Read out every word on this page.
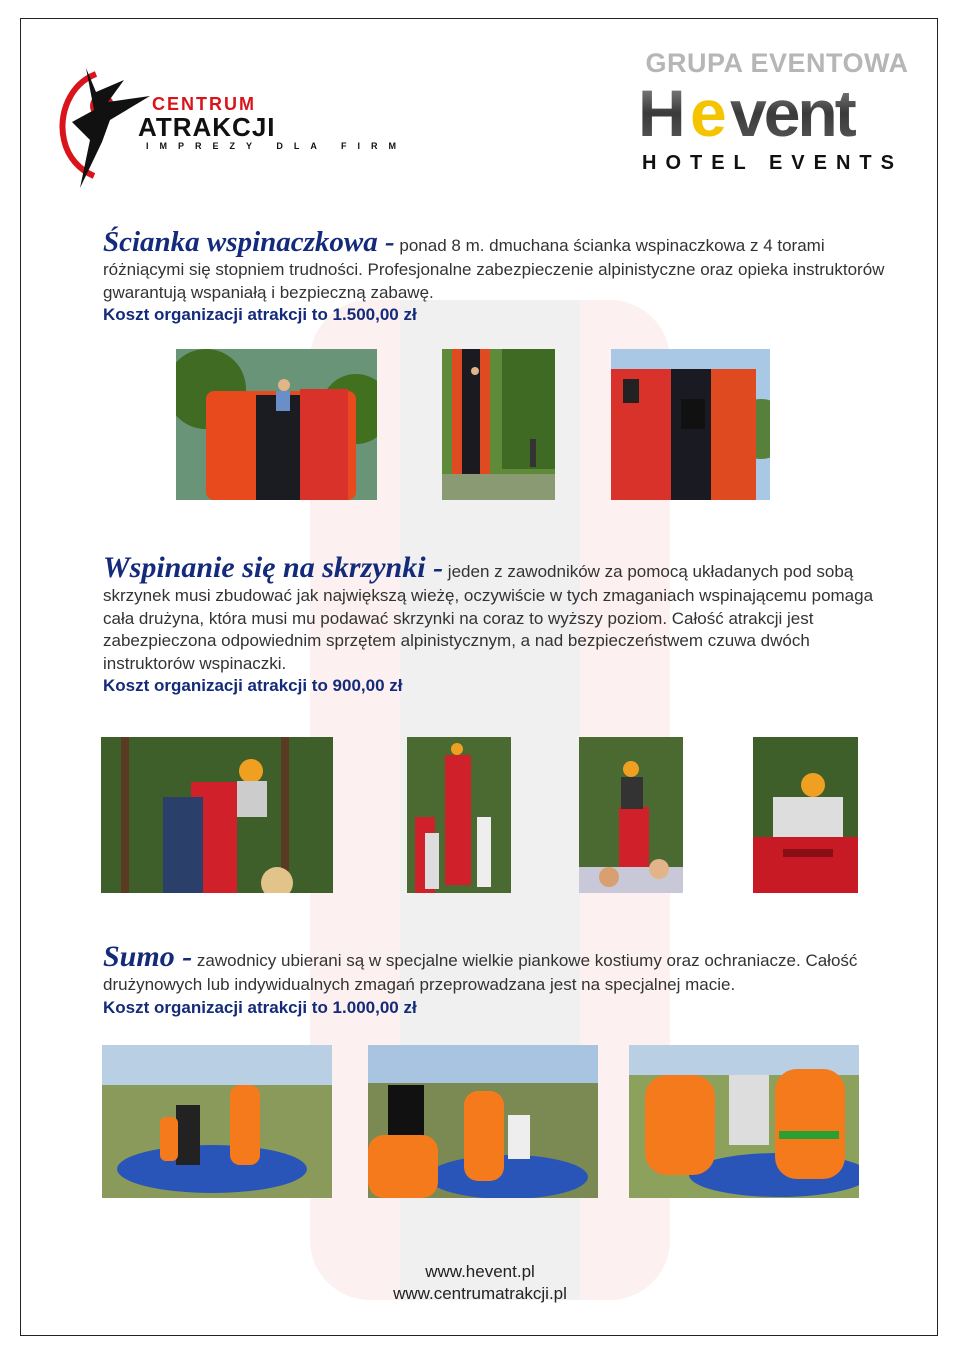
CENTRUM
ATRAKCJI
IMPREZY DLA FIRM
GRUPA EVENTOWA
H e vent
HOTEL EVENTS

Ścianka wspinaczkowa - ponad 8 m. dmuchana ścianka wspinaczkowa z 4 torami różniącymi się stopniem trudności. Profesjonalne zabezpieczenie alpinistyczne oraz opieka instruktorów gwarantują wspaniałą i bezpieczną zabawę.

Koszt organizacji atrakcji to 1.500,00 zł

Wspinanie się na skrzynki - jeden z zawodników za pomocą układanych pod sobą skrzynek musi zbudować jak największą wieżę, oczywiście w tych zmaganiach wspinającemu pomaga cała drużyna, która musi mu podawać skrzynki na coraz to wyższy poziom. Całość atrakcji jest zabezpieczona odpowiednim sprzętem alpinistycznym, a nad bezpieczeństwem czuwa dwóch instruktorów wspinaczki.

Koszt organizacji atrakcji to 900,00 zł

Sumo - zawodnicy ubierani są w specjalne wielkie piankowe kostiumy oraz ochraniacze. Całość drużynowych lub indywidualnych zmagań przeprowadzana jest na specjalnej macie.

Koszt organizacji atrakcji to 1.000,00 zł

www.hevent.pl
www.centrumatrakcji.pl
